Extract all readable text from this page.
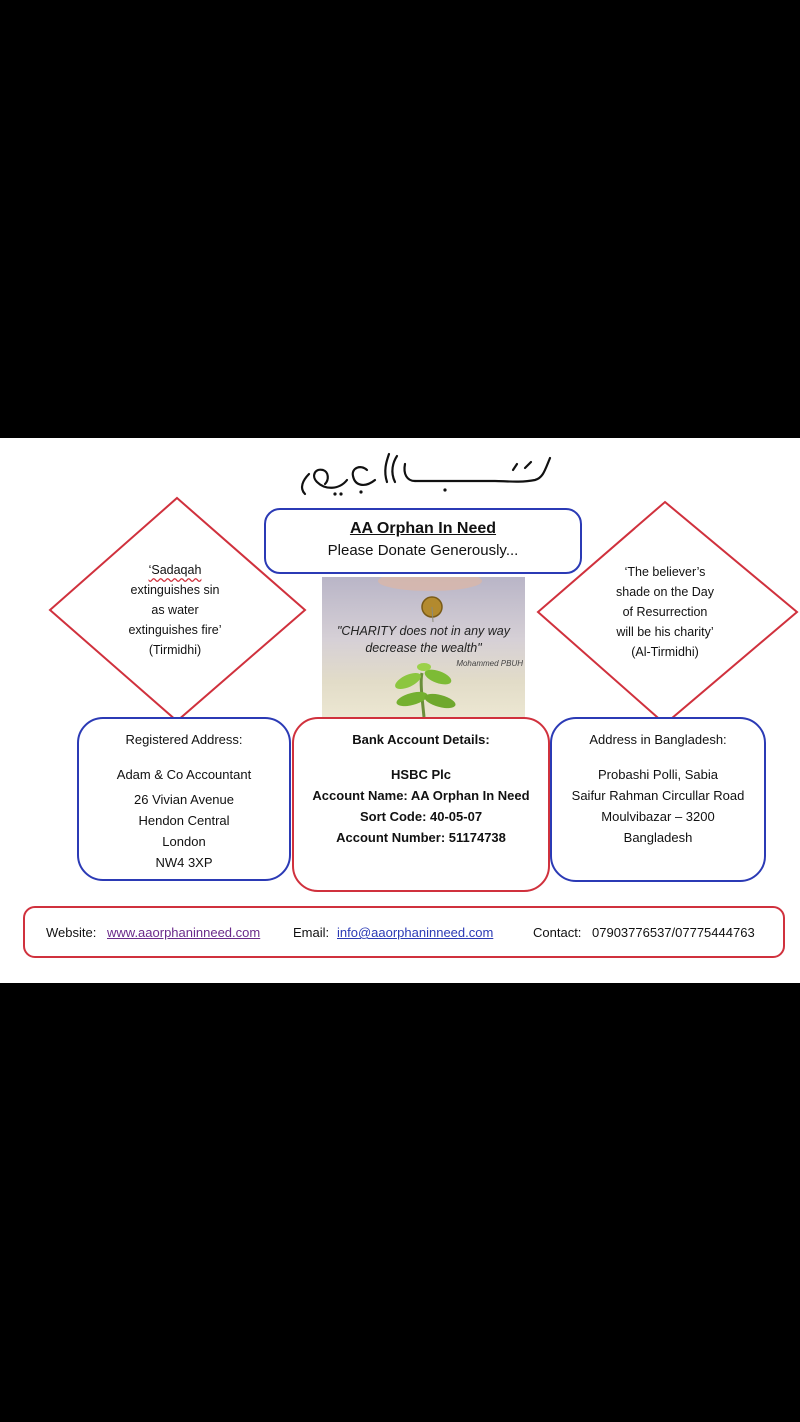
AA Orphan In Need
Please Donate Generously...
"CHARITY does not in any way
decrease the wealth"
Mohammed PBUH
‘Sadaqah
extinguishes sin
as water
extinguishes fire’
(Tirmidhi)
‘The believer’s
shade on the Day
of Resurrection
will be his charity’
(Al-Tirmidhi)
Registered Address:
Adam & Co Accountant
26 Vivian Avenue
Hendon Central
London
NW4 3XP
Bank Account Details:
HSBC Plc
Account Name: AA Orphan In Need
Sort Code: 40-05-07
Account Number: 51174738
Address in Bangladesh:
Probashi Polli, Sabia
Saifur Rahman Circullar Road
Moulvibazar – 3200
Bangladesh
Website: www.aaorphaninneed.com	Email: info@aaorphaninneed.com	Contact: 07903776537/07775444763
